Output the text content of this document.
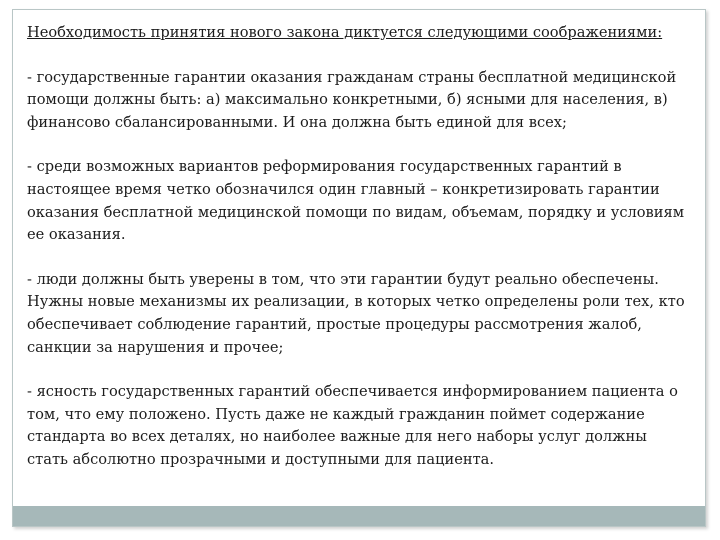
Необходимость принятия нового закона диктуется следующими соображениями:

- государственные гарантии оказания гражданам страны бесплатной медицинской помощи должны быть: а) максимально конкретными, б) ясными для населения, в) финансово сбалансированными. И она должна быть единой для всех;

- среди возможных вариантов реформирования государственных гарантий в настоящее время четко обозначился один главный – конкретизировать гарантии оказания бесплатной медицинской помощи по видам, объемам, порядку и условиям ее оказания.

- люди должны быть уверены в том, что эти гарантии будут реально обеспечены. Нужны новые механизмы их реализации, в которых четко определены роли тех, кто обеспечивает соблюдение гарантий, простые процедуры рассмотрения жалоб, санкции за нарушения и прочее;

- ясность государственных гарантий обеспечивается информированием пациента о том, что ему положено. Пусть даже не каждый гражданин поймет содержание стандарта во всех деталях, но наиболее важные для него наборы услуг должны стать абсолютно прозрачными и доступными для пациента.
